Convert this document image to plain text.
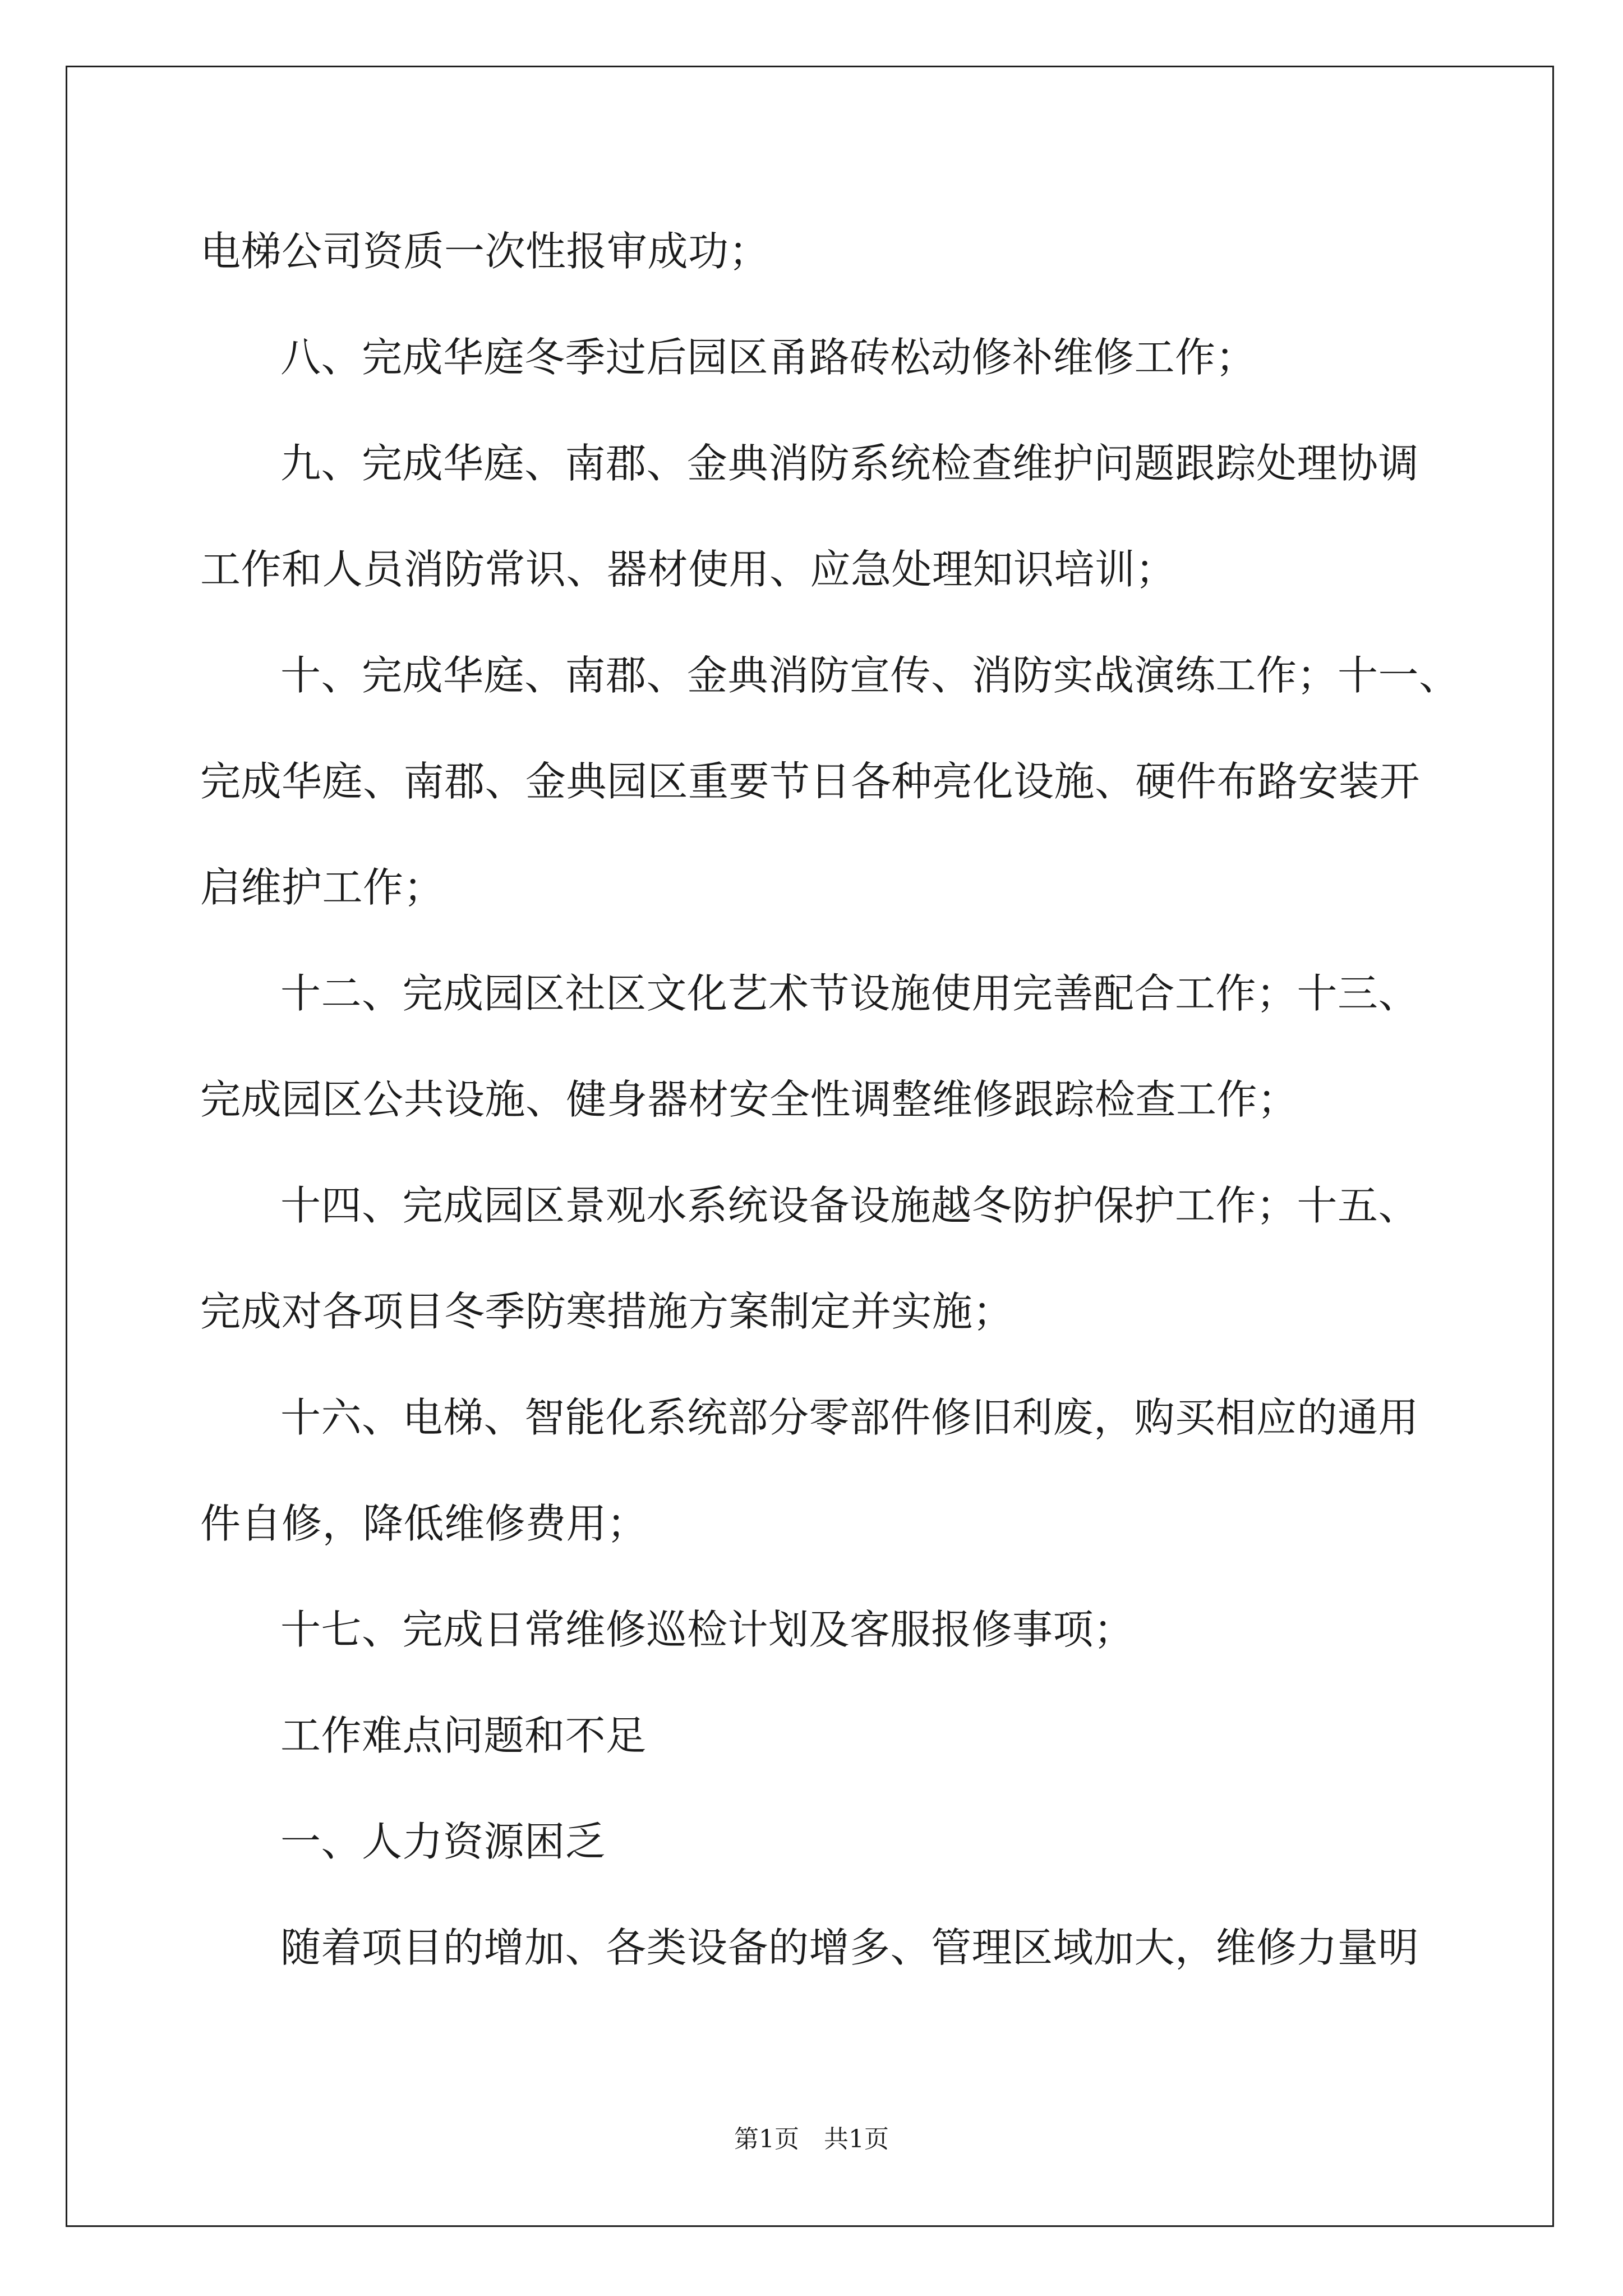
电梯公司资质一次性报审成功；
八、完成华庭冬季过后园区甬路砖松动修补维修工作；
九、完成华庭、南郡、金典消防系统检查维护问题跟踪处理协调
工作和人员消防常识、器材使用、应急处理知识培训；
十、完成华庭、南郡、金典消防宣传、消防实战演练工作；十一、
完成华庭、南郡、金典园区重要节日各种亮化设施、硬件布路安装开
启维护工作；
十二、完成园区社区文化艺术节设施使用完善配合工作；十三、
完成园区公共设施、健身器材安全性调整维修跟踪检查工作；
十四、完成园区景观水系统设备设施越冬防护保护工作；十五、
完成对各项目冬季防寒措施方案制定并实施；
十六、电梯、智能化系统部分零部件修旧利废，购买相应的通用
件自修，降低维修费用；
十七、完成日常维修巡检计划及客服报修事项；
工作难点问题和不足
一、人力资源困乏
随着项目的增加、各类设备的增多、管理区域加大，维修力量明
第1页 共1页
